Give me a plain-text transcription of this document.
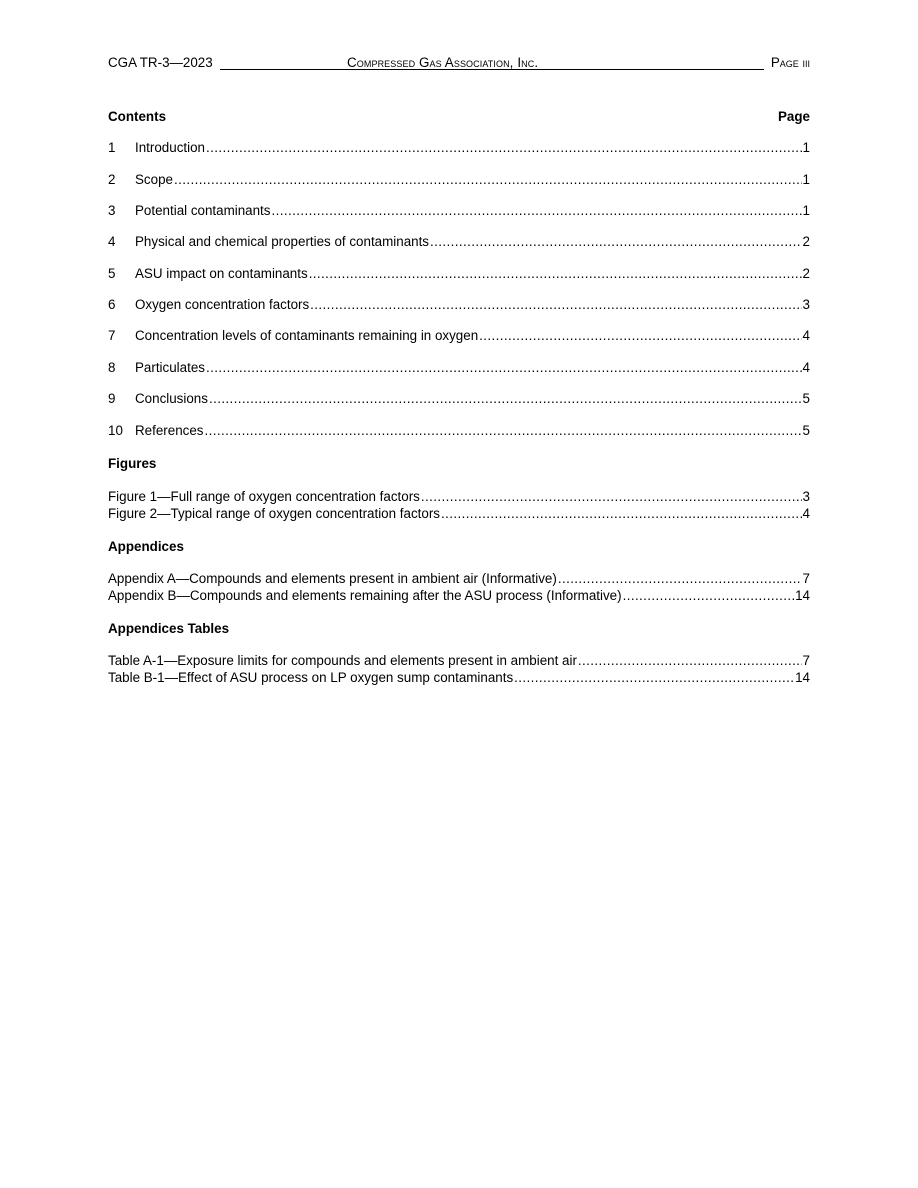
CGA TR-3—2023	Compressed Gas Association, Inc.	Page iii
Contents	Page
1	Introduction .....	1
2	Scope .....	1
3	Potential contaminants .....	1
4	Physical and chemical properties of contaminants .....	2
5	ASU impact on contaminants .....	2
6	Oxygen concentration factors .....	3
7	Concentration levels of contaminants remaining in oxygen .....	4
8	Particulates .....	4
9	Conclusions .....	5
10 References .....	5
Figures
Figure 1—Full range of oxygen concentration factors .....	3
Figure 2—Typical range of oxygen concentration factors .....	4
Appendices
Appendix A—Compounds and elements present in ambient air (Informative) .....	7
Appendix B—Compounds and elements remaining after the ASU process (Informative) .....	14
Appendices Tables
Table A-1—Exposure limits for compounds and elements present in ambient air .....	7
Table B-1—Effect of ASU process on LP oxygen sump contaminants .....	14
